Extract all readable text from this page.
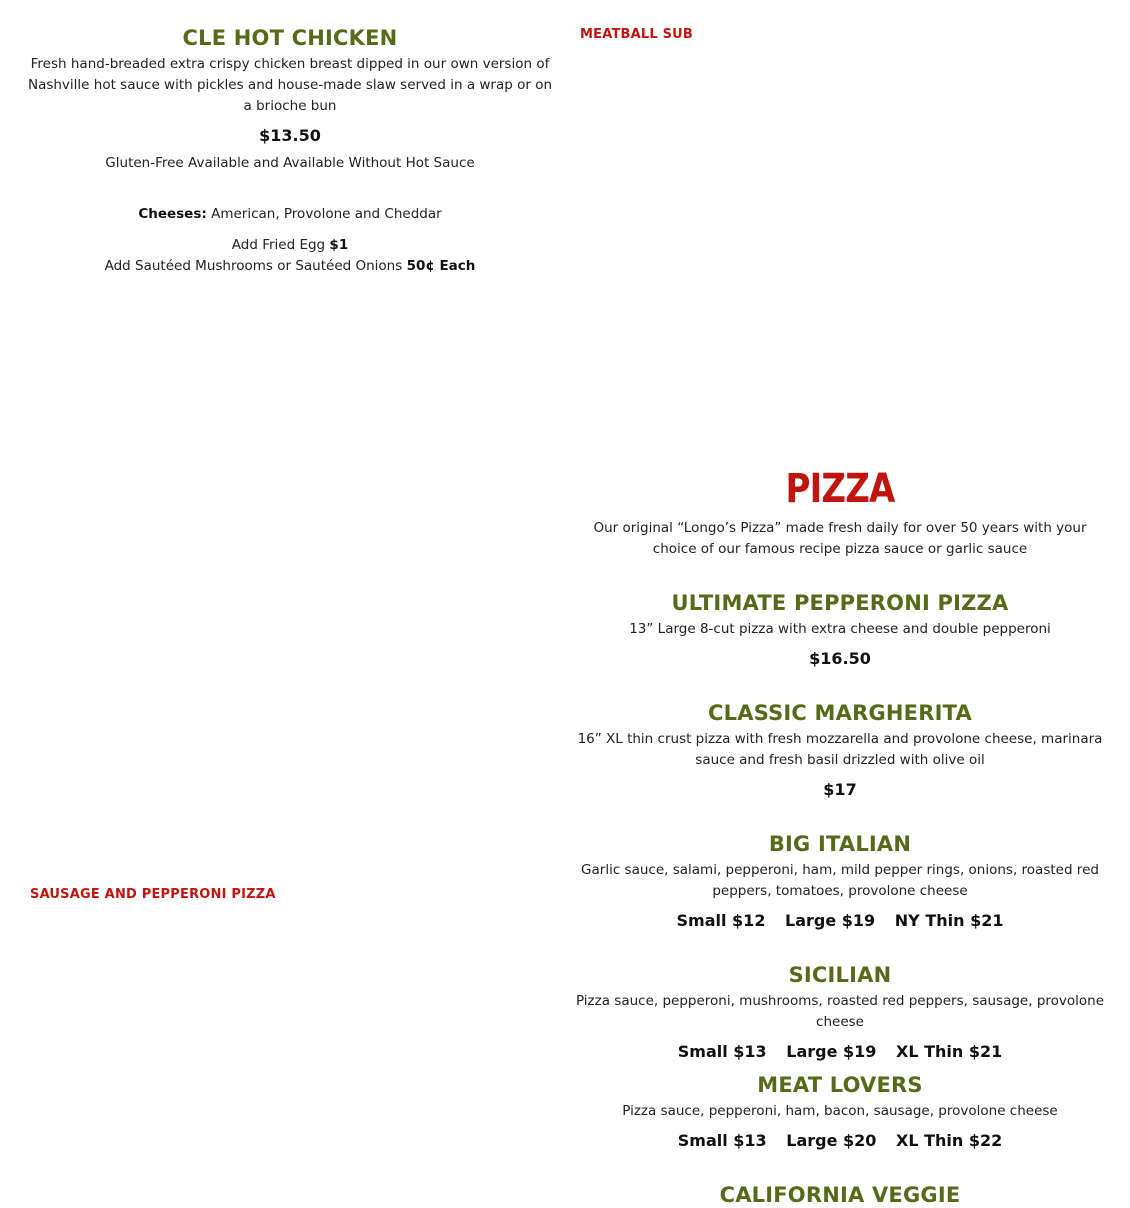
CLE HOT CHICKEN

Fresh hand-breaded extra crispy chicken breast dipped in our own version of Nashville hot sauce with pickles and house-made slaw served in a wrap or on a brioche bun

$13.50

Gluten-Free Available and Available Without Hot Sauce

Cheeses: American, Provolone and Cheddar

Add Fried Egg $1

Add Sautéed Mushrooms or Sautéed Onions 50¢ Each

SAUSAGE AND PEPPERONI PIZZA

MEATBALL SUB

PIZZA

Our original “Longo’s Pizza” made fresh daily for over 50 years with your choice of our famous recipe pizza sauce or garlic sauce

ULTIMATE PEPPERONI PIZZA

13” Large 8-cut pizza with extra cheese and double pepperoni

$16.50

CLASSIC MARGHERITA

16” XL thin crust pizza with fresh mozzarella and provolone cheese, marinara sauce and fresh basil drizzled with olive oil

$17

BIG ITALIAN

Garlic sauce, salami, pepperoni, ham, mild pepper rings, onions, roasted red peppers, tomatoes, provolone cheese

Small $12 Large $19 NY Thin $21

SICILIAN

Pizza sauce, pepperoni, mushrooms, roasted red peppers, sausage, provolone cheese

Small $13 Large $19 XL Thin $21

MEAT LOVERS

Pizza sauce, pepperoni, ham, bacon, sausage, provolone cheese

Small $13 Large $20 XL Thin $22

CALIFORNIA VEGGIE
